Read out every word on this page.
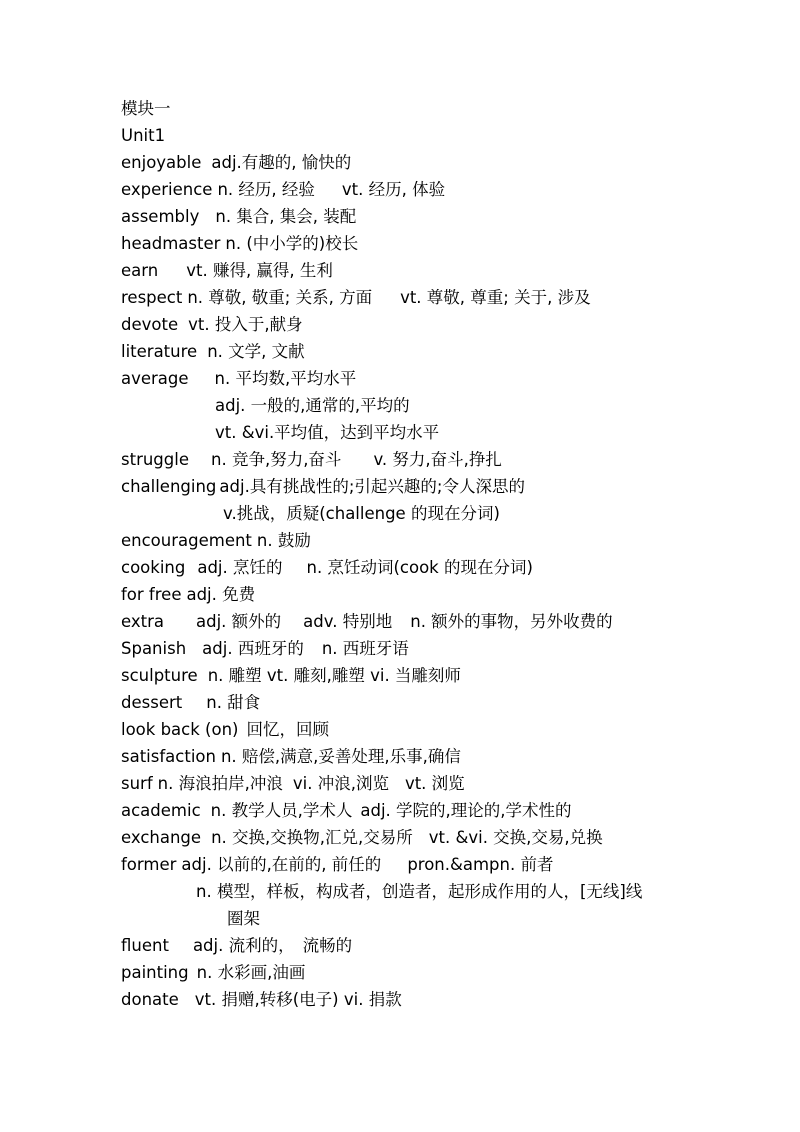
模块一
Unit1
enjoyable adj.有趣的, 愉快的
experience n. 经历, 经验 vt. 经历, 体验
assembly n. 集合, 集会, 装配
headmaster n. (中小学的)校长
earn vt. 赚得, 赢得, 生利
respect n. 尊敬, 敬重; 关系, 方面 vt. 尊敬, 尊重; 关于, 涉及
devote vt. 投入于,献身
literature n. 文学, 文献
average n. 平均数,平均水平
adj. 一般的,通常的,平均的
vt. &vi.平均值，达到平均水平
struggle n. 竞争,努力,奋斗 v. 努力,奋斗,挣扎
challenging adj.具有挑战性的;引起兴趣的;令人深思的
v.挑战，质疑(challenge 的现在分词)
encouragement n. 鼓励
cooking adj. 烹饪的 n. 烹饪动词(cook 的现在分词)
for free adj. 免费
extra adj. 额外的 adv. 特别地 n. 额外的事物，另外收费的
Spanish adj. 西班牙的 n. 西班牙语
sculpture n. 雕塑 vt. 雕刻,雕塑 vi. 当雕刻师
dessert n. 甜食
look back (on) 回忆，回顾
satisfaction n. 赔偿,满意,妥善处理,乐事,确信
surf n. 海浪拍岸,冲浪 vi. 冲浪,浏览 vt. 浏览
academic n. 教学人员,学术人 adj. 学院的,理论的,学术性的
exchange n. 交换,交换物,汇兑,交易所 vt. &vi. 交换,交易,兑换
former adj. 以前的,在前的, 前任的 pron.&ampn. 前者
n. 模型，样板，构成者，创造者，起形成作用的人，[无线]线
圈架
fluent adj. 流利的， 流畅的
painting n. 水彩画,油画
donate vt. 捐赠,转移(电子) vi. 捐款
